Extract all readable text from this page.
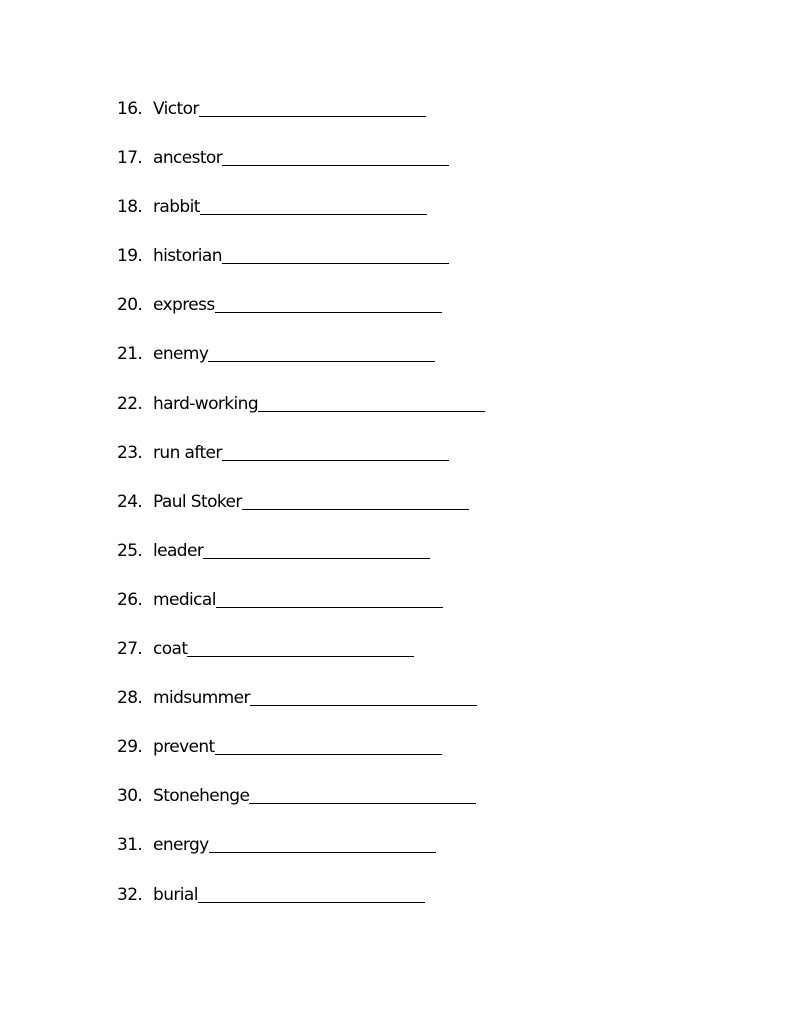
16. Victor
17. ancestor
18. rabbit
19. historian
20. express
21. enemy
22. hard-working
23. run after
24. Paul Stoker
25. leader
26. medical
27. coat
28. midsummer
29. prevent
30. Stonehenge
31. energy
32. burial
